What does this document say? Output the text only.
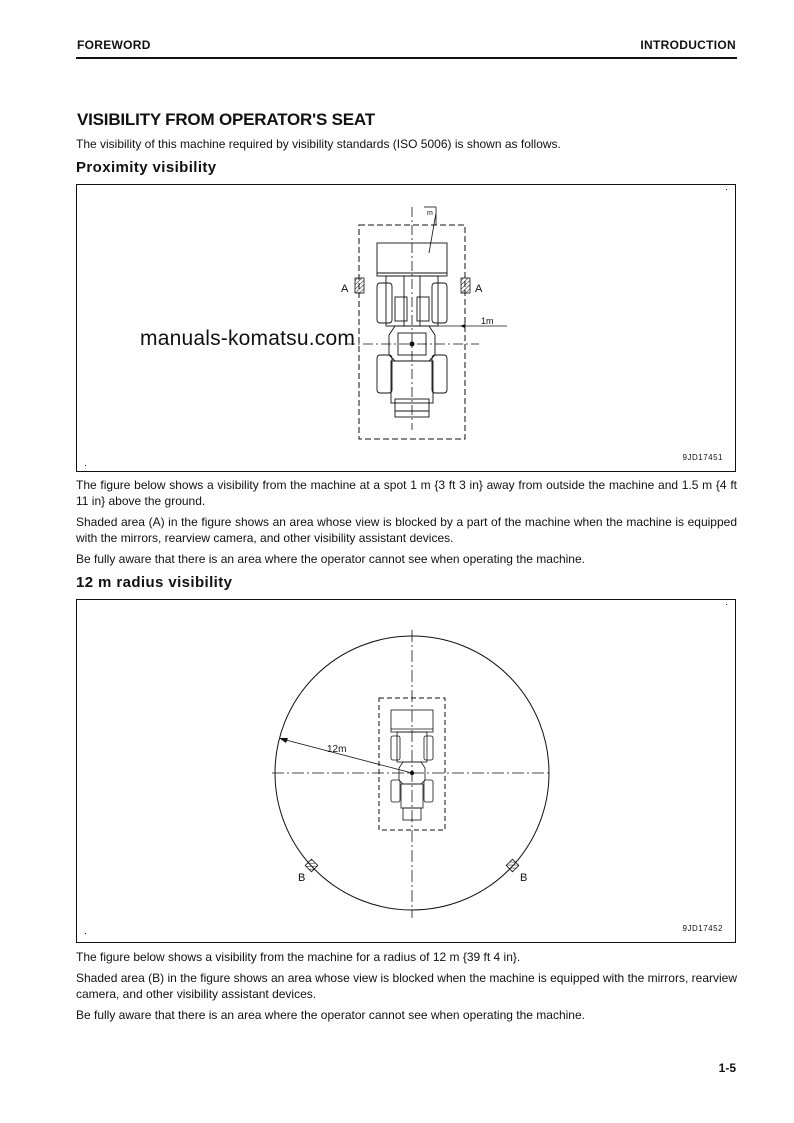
FOREWORD	INTRODUCTION
VISIBILITY FROM OPERATOR'S SEAT
The visibility of this machine required by visibility standards (ISO 5006) is shown as follows.
Proximity visibility
A	A
m
1m
9JD17451
manuals-komatsu.com
The figure below shows a visibility from the machine at a spot 1 m {3 ft 3 in} away from outside the machine and 1.5 m {4 ft 11 in} above the ground.
Shaded area (A) in the figure shows an area whose view is blocked by a part of the machine when the machine is equipped with the mirrors, rearview camera, and other visibility assistant devices.
Be fully aware that there is an area where the operator cannot see when operating the machine.
12 m radius visibility
12m
B	B
9JD17452
The figure below shows a visibility from the machine for a radius of 12 m {39 ft 4 in}.
Shaded area (B) in the figure shows an area whose view is blocked when the machine is equipped with the mirrors, rearview camera, and other visibility assistant devices.
Be fully aware that there is an area where the operator cannot see when operating the machine.
1-5
